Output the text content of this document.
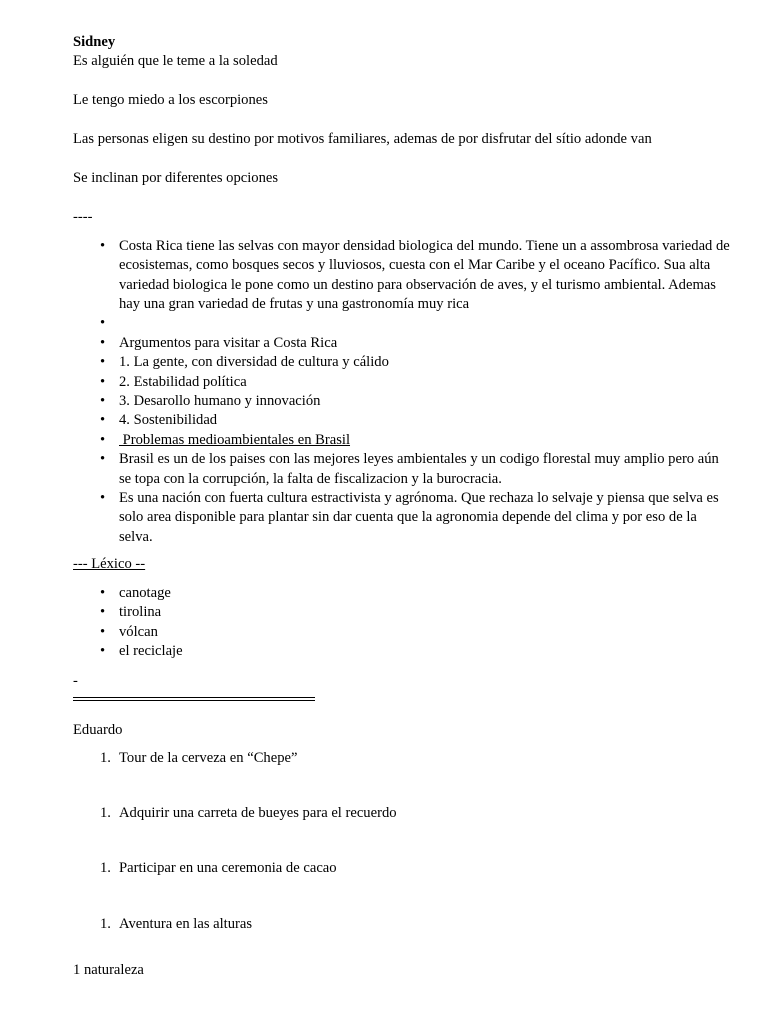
Sidney

Es alguién que le teme a la soledad

Le tengo miedo a los escorpiones

Las personas eligen su destino por motivos familiares, ademas de por disfrutar del sítio adonde van

Se inclinan por diferentes opciones

----

• Costa Rica tiene las selvas con mayor densidad biologica del mundo. Tiene un a assombrosa variedad de ecosistemas, como bosques secos y lluviosos, cuesta con el Mar Caribe y el oceano Pacífico. Sua alta variedad biologica le pone como un destino para observación de aves, y el turismo ambiental. Ademas hay una gran variedad de frutas y una gastronomía muy rica
•
• Argumentos para visitar a Costa Rica
• 1. La gente, con diversidad de cultura y cálido
• 2. Estabilidad política
• 3. Desarollo humano y innovación
• 4. Sostenibilidad
• Problemas medioambientales en Brasil
• Brasil es un de los paises con las mejores leyes ambientales y un codigo florestal muy amplio pero aún se topa con la corrupción, la falta de fiscalizacion y la burocracia.
• Es una nación con fuerta cultura estractivista y agrónoma. Que rechaza lo selvaje y piensa que selva es solo area disponible para plantar sin dar cuenta que la agronomia depende del clima y por eso de la selva.

--- Léxico --

• canotage
• tirolina
• vólcan
• el reciclaje

-

Eduardo

1. Tour de la cerveza en “Chepe”
1. Adquirir una carreta de bueyes para el recuerdo
1. Participar en una ceremonia de cacao
1. Aventura en las alturas

1 naturaleza
